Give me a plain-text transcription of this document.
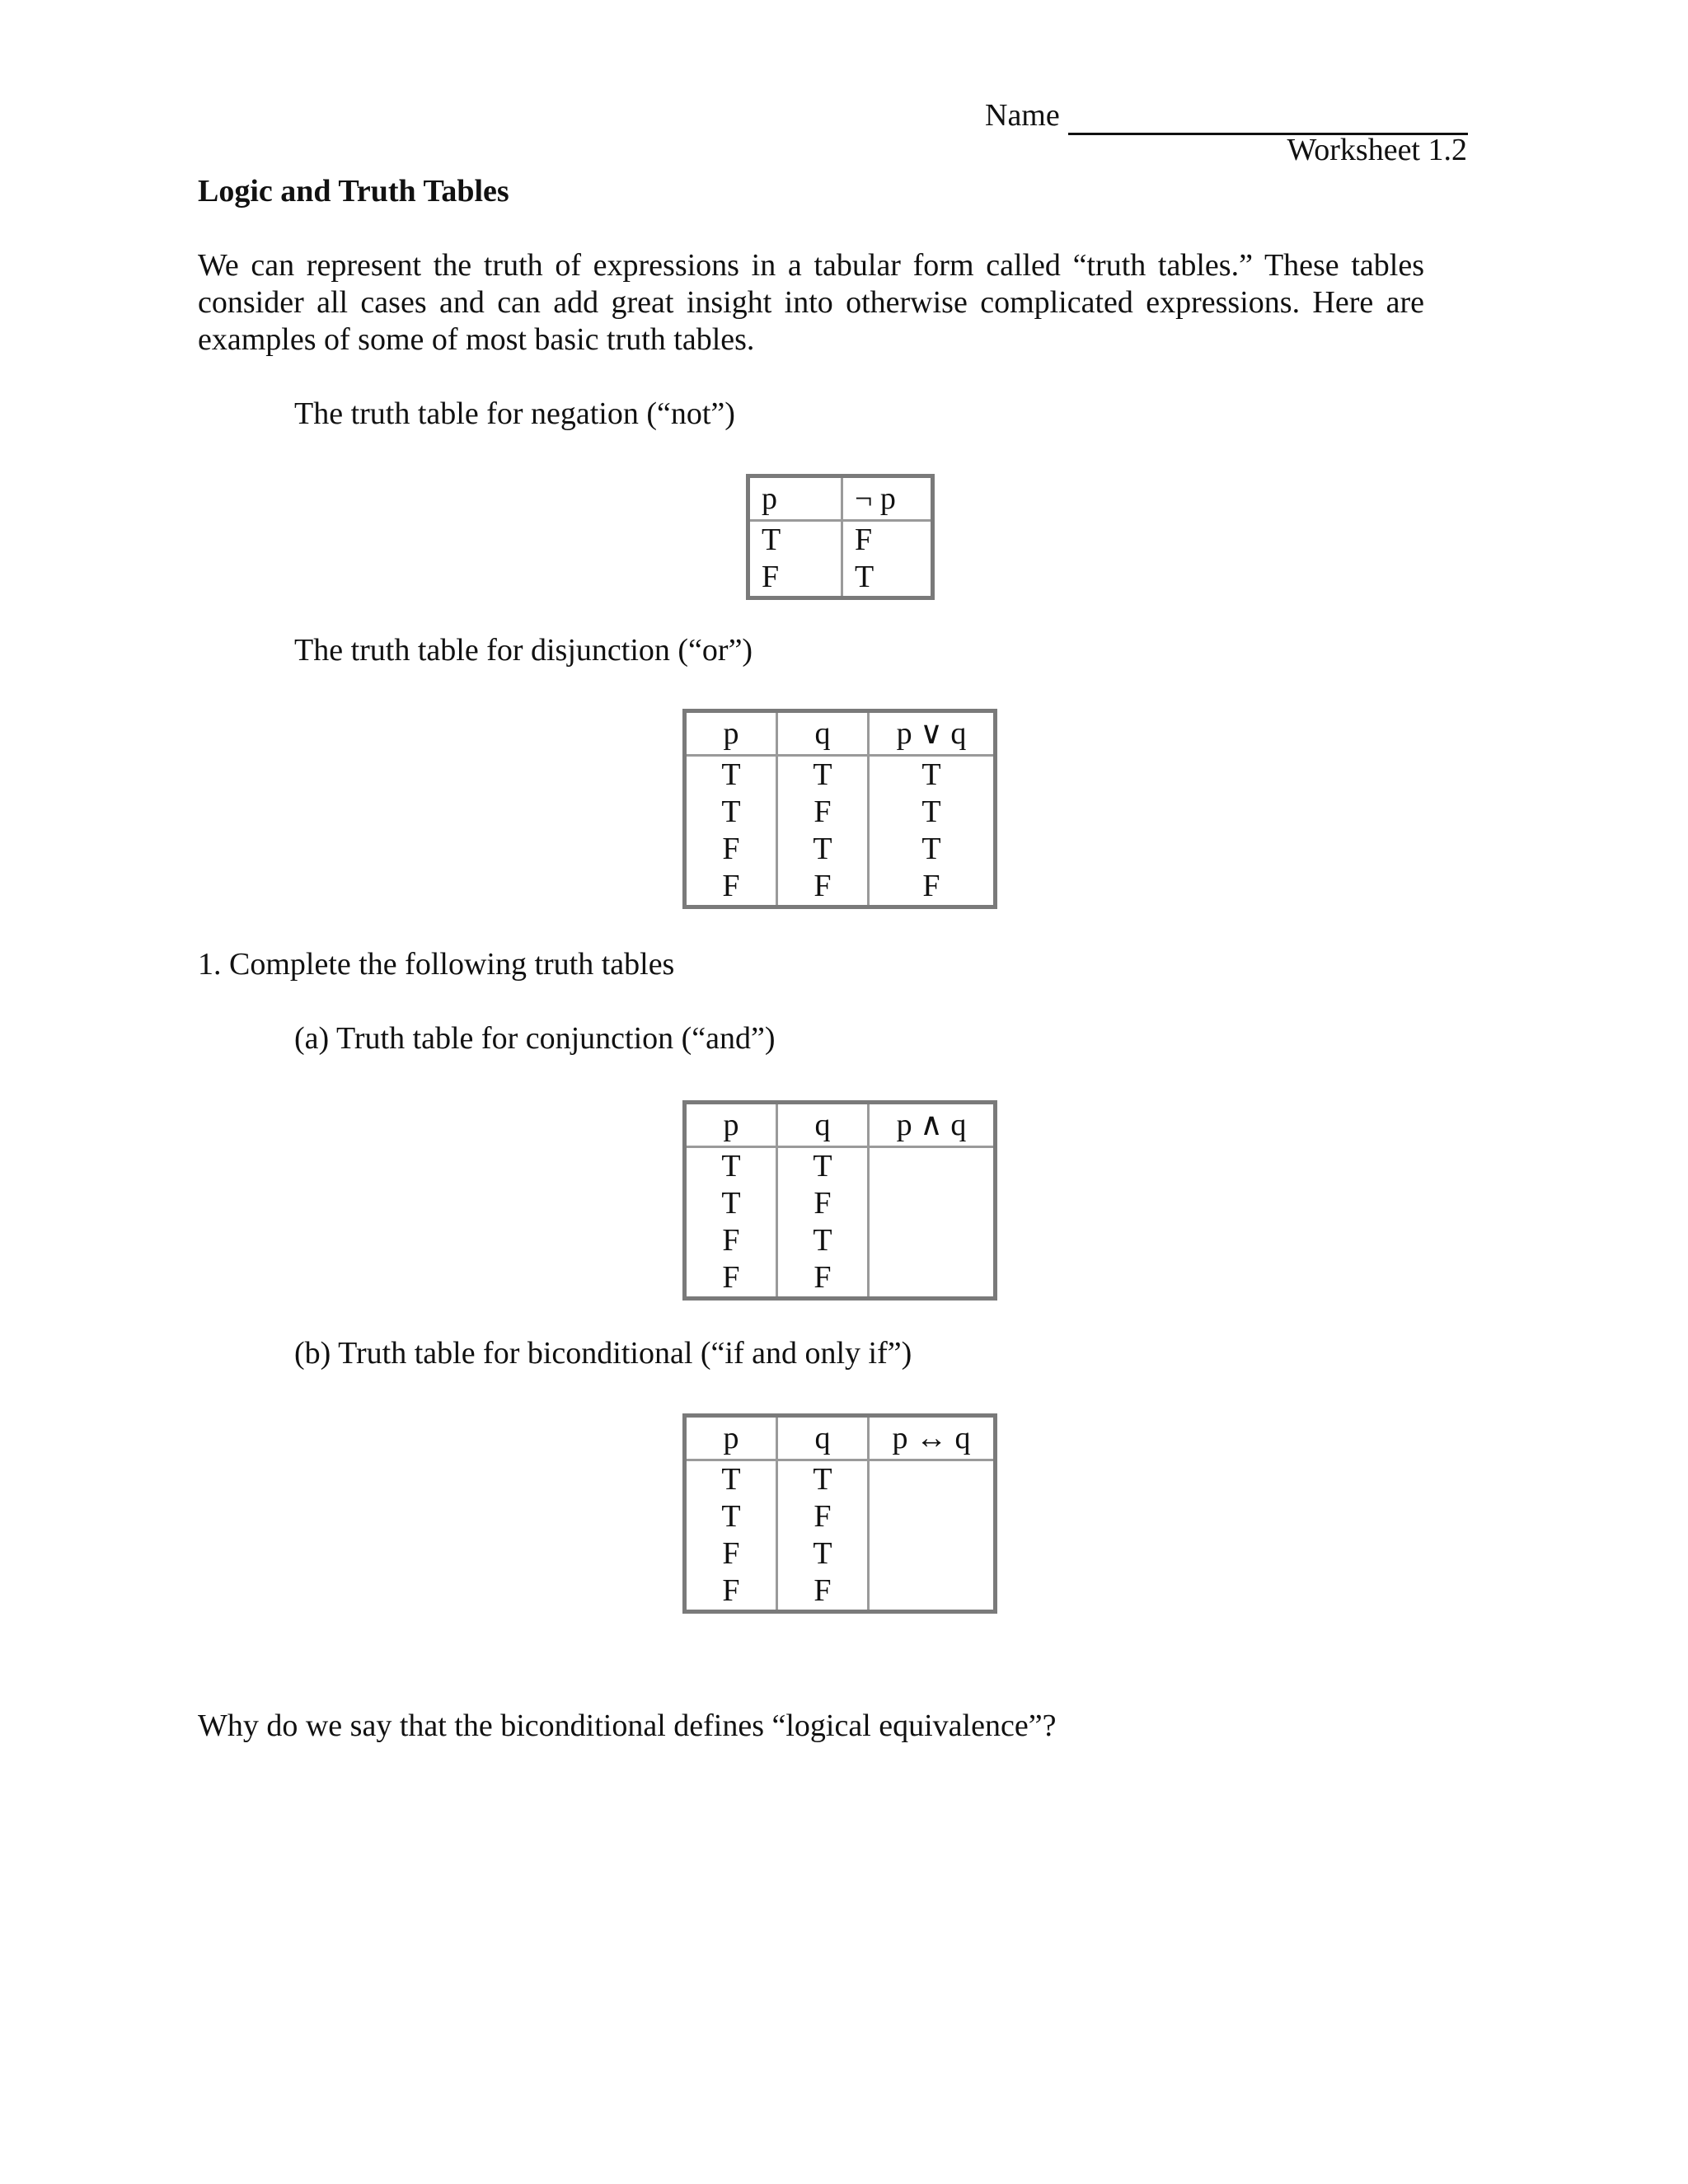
Name
Worksheet 1.2
Logic and Truth Tables
We can represent the truth of expressions in a tabular form called “truth tables.” These tables consider all cases and can add great insight into otherwise complicated expressions. Here are examples of some of most basic truth tables.
The truth table for negation (“not”)
p	¬ p
T	F
F	T
The truth table for disjunction (“or”)
p	q	p ∨ q
T	T	T
T	F	T
F	T	T
F	F	F
1. Complete the following truth tables
(a) Truth table for conjunction (“and”)
p	q	p ∧ q
T	T	
T	F	
F	T	
F	F	
(b) Truth table for biconditional (“if and only if”)
p	q	p ↔ q
T	T	
T	F	
F	T	
F	F	
Why do we say that the biconditional defines “logical equivalence”?
